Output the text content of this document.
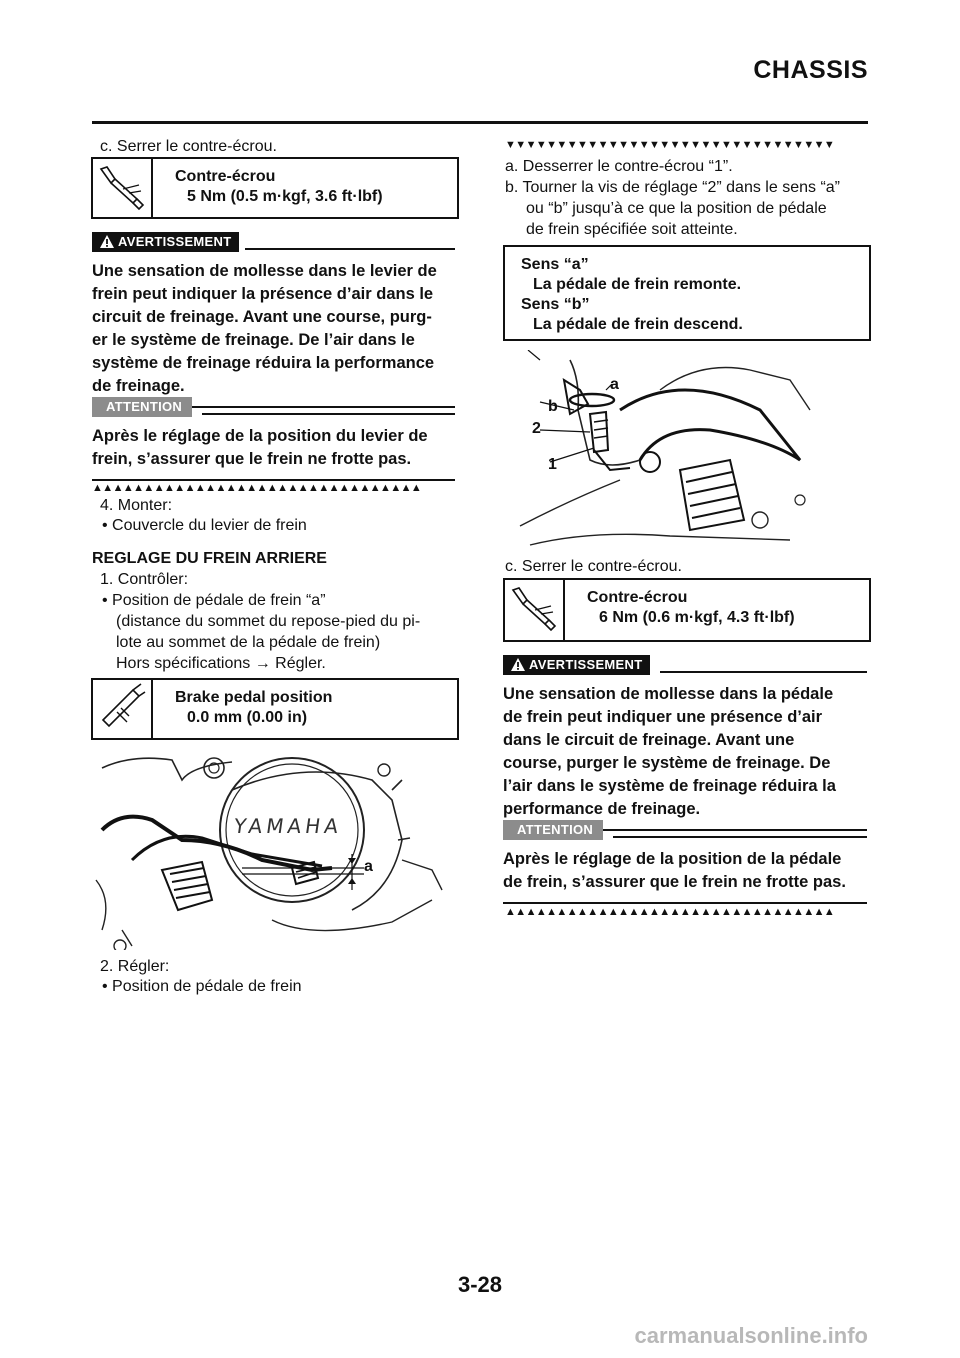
CHASSIS
c. Serrer le contre-écrou.
Contre-écrou
5 Nm (0.5 m·kgf, 3.6 ft·lbf)
AVERTISSEMENT
Une sensation de mollesse dans le levier de
frein peut indiquer la présence d’air dans le
circuit de freinage. Avant une course, purg-
er le système de freinage. De l’air dans le
système de freinage réduira la performance
de freinage.
ATTENTION
Après le réglage de la position du levier de
frein, s’assurer que le frein ne frotte pas.
▲▲▲▲▲▲▲▲▲▲▲▲▲▲▲▲▲▲▲▲▲▲▲▲▲▲▲▲▲▲▲▲
4. Monter:
• Couvercle du levier de frein
REGLAGE DU FREIN ARRIERE
1. Contrôler:
• Position de pédale de frein “a”
(distance du sommet du repose-pied du pi-
lote au sommet de la pédale de frein)
Hors spécifications → Régler.
Brake pedal position
0.0 mm (0.00 in)
YAMAHA
a
2. Régler:
• Position de pédale de frein
▼▼▼▼▼▼▼▼▼▼▼▼▼▼▼▼▼▼▼▼▼▼▼▼▼▼▼▼▼▼▼▼
a. Desserrer le contre-écrou “1”.
b. Tourner la vis de réglage “2” dans le sens “a”
ou “b” jusqu’à ce que la position de pédale
de frein spécifiée soit atteinte.
Sens “a”
La pédale de frein remonte.
Sens “b”
La pédale de frein descend.
a
b
2
1
c. Serrer le contre-écrou.
Contre-écrou
6 Nm (0.6 m·kgf, 4.3 ft·lbf)
AVERTISSEMENT
Une sensation de mollesse dans la pédale
de frein peut indiquer une présence d’air
dans le circuit de freinage. Avant une
course, purger le système de freinage. De
l’air dans le système de freinage réduira la
performance de freinage.
ATTENTION
Après le réglage de la position de la pédale
de frein, s’assurer que le frein ne frotte pas.
▲▲▲▲▲▲▲▲▲▲▲▲▲▲▲▲▲▲▲▲▲▲▲▲▲▲▲▲▲▲▲▲
3-28
carmanualsonline.info
